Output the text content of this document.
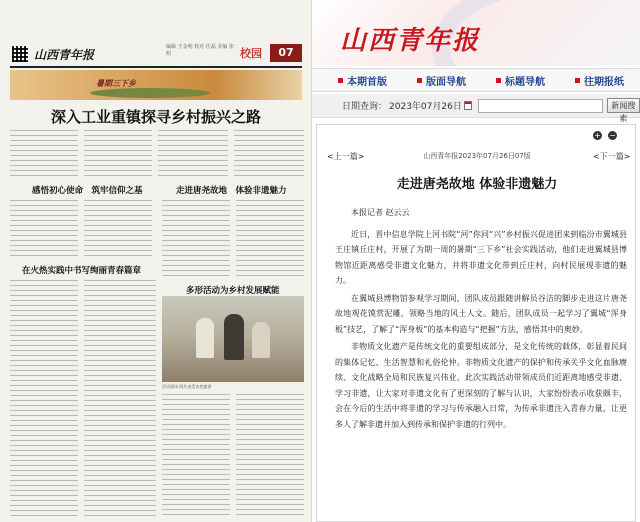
山西青年报
编辑 王金明 校对 任磊 美编 张明	校园	07
暑期三下乡
深入工业重镇探寻乡村振兴之路
感悟初心使命　筑牢信仰之基	走进唐尧故地　体验非遗魅力
在火热实践中书写绚丽青春篇章
多形活动为乡村发展赋能
活动现场 图片由受访者提供
山西青年报
本期首版	版面导航	标题导航	往期报纸
日期查询： 2023年07月26日	新闻搜索
+ −
<上一篇>	山西青年报2023年07月26日07版	<下一篇>
走进唐尧故地 体验非遗魅力

本报记者 赵云云

近日，晋中信息学院上河书院“河”你同“兴”乡村振兴促进团来到临汾市翼城县王庄镇丘庄村，开展了为期一周的暑期“三下乡”社会实践活动，他们走进翼城县博物馆近距离感受非遗文化魅力，并将非遗文化带到丘庄村，向村民展现非遗的魅力。

在翼城县博物馆参观学习期间，团队成员跟随讲解员谷洁的脚步走进这片唐尧故地观花馍赏泥雕，领略当地的风土人文。随后，团队成员一起学习了翼城“浑身板”技艺，了解了“浑身板”的基本构造与“把握”方法，感悟其中的奥妙。

非物质文化遗产是传统文化的重要组成部分，是文化传统的载体，彰显着民间的集体记忆、生活智慧和礼俗伦仲。非物质文化遗产的保护和传承关乎文化血脉赓续、文化战略全局和民族复兴伟业。此次实践活动带领成员们近距离地感受非遗、学习非遗，让大家对非遗文化有了更深刻的了解与认识，大家纷纷表示收获颇丰，会在今后的生活中将非遗的学习与传承融入日常，为传承非遗注入青春力量，让更多人了解非遗并加入到传承和保护非遗的行列中。
